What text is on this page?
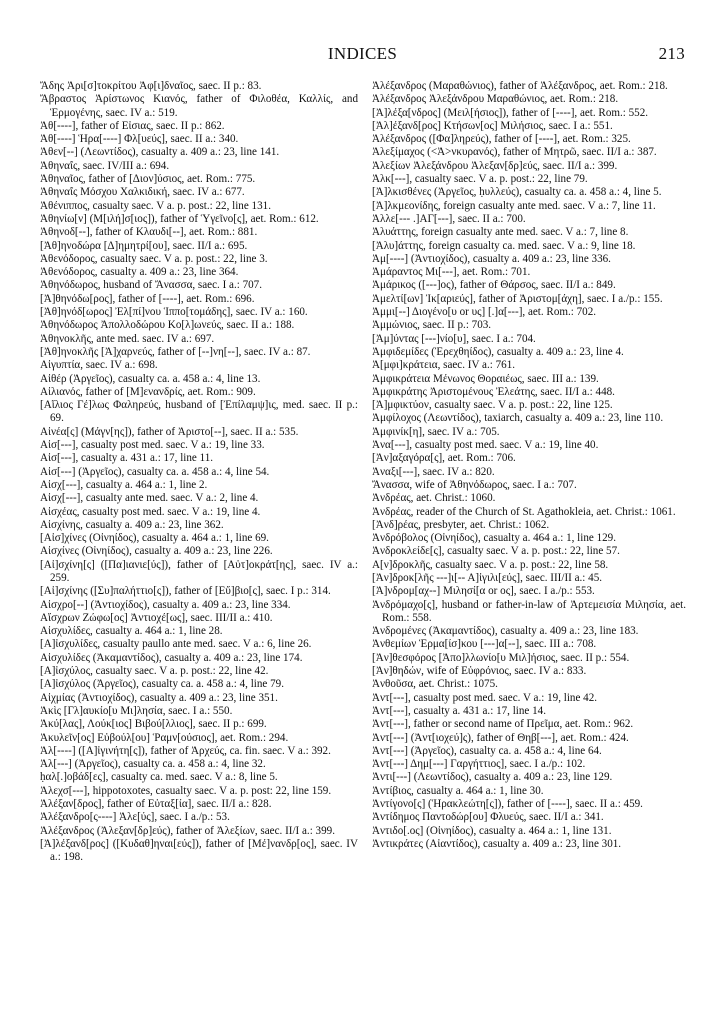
INDICES	213

Ἄδης Ἀρι[σ]τοκρίτου Ἀφ[ι]δναῖος, saec. II p.: 83.

Ἄβραστος Ἀρίστωνος Κιανός, father of Φιλοθέα, Καλλίς, and Ἑρμογένης, saec. IV a.: 519.

Ἀθ[----], father of Εἰσιας, saec. II p.: 862.

Ἀθ[----] Ἡρα[----] Φλ[υεύς], saec. II a.: 340.

Ἀθεν[--] (Λεωντίδος), casualty a. 409 a.: 23, line 141.

Ἀθηναΐς, saec. IV/III a.: 694.

Ἀθηναῖος, father of [Διον]ύσιος, aet. Rom.: 775.

Ἀθηναΐς Μόσχου Χαλκιδική, saec. IV a.: 677.

Ἀθένιππος, casualty saec. V a. p. post.: 22, line 131.

Ἀθηνίω[ν] (Μ[ιλή]σ[ιος]), father of Ὑγεῖνο[ς], aet. Rom.: 612.

Ἀθηνοδ[--], father of Κλαυδι[--], aet. Rom.: 881.

[Ἀθ]ηνοδώρα [Δ]ημητρί[ου], saec. II/I a.: 695.

Ἀθενόδορος, casualty saec. V a. p. post.: 22, line 3.

Ἀθενόδορος, casualty a. 409 a.: 23, line 364.

Ἀθηνόδωρος, husband of Ἄνασσα, saec. I a.: 707.

[Ἀ]θηνόδω[ρος], father of [----], aet. Rom.: 696.

[Ἀθ]ηνόδ[ωρος] Ἐλ[πί]νου Ἱππο[τομάδης], saec. IV a.: 160.

Ἀθηνόδωρος Ἀπολλοδώρου Κο[λ]ωνεύς, saec. II a.: 188.

Ἀθηνοκλῆς, ante med. saec. IV a.: 697.

[Ἀθ]ηνοκλῆς [Ἀ]χαρνεύς, father of [--]νη[--], saec. IV a.: 87.

Αἰγυπτία, saec. IV a.: 698.

Αἰθέρ (Ἀργεῖος), casualty ca. a. 458 a.: 4, line 13.

Αἰλιανός, father of [Μ]ενανδρίς, aet. Rom.: 909.

[Αἴλιος Γέ]λως Φαληρεύς, husband of [Ἐπίλαμψ]ις, med. saec. II p.: 69.

Αἰνέα[ς] (Μάγν[ης]), father of Ἀριστο[--], saec. II a.: 535.

Αἰσ[---], casualty post med. saec. V a.: 19, line 33.

Αἰσ[---], casualty a. 431 a.: 17, line 11.

Αἰσ[---] (Ἀργεῖος), casualty ca. a. 458 a.: 4, line 54.

Αἰσχ[---], casualty a. 464 a.: 1, line 2.

Αἰσχ[---], casualty ante med. saec. V a.: 2, line 4.

Αἰσχέας, casualty post med. saec. V a.: 19, line 4.

Αἰσχίνης, casualty a. 409 a.: 23, line 362.

[Αἰσ]χίνες (Οἰνηίδος), casualty a. 464 a.: 1, line 69.

Αἰσχίνες (Οἰνηίδος), casualty a. 409 a.: 23, line 226.

[Αἰ]σχίνη[ς] ([Πα]ιανιε[ύς]), father of [Αὐτ]οκράτ[ης], saec. IV a.: 259.

[Αἰ]σχίνης ([Συ]παλήττιο[ς]), father of [Εὔ]βιο[ς], saec. I p.: 314.

Αἰσχρο[--] (Ἀντιοχίδος), casualty a. 409 a.: 23, line 334.

Αἴσχρων Ζώφω[ος] Ἀντιοχέ[ως], saec. III/II a.: 410.

Αἰσχυλίδες, casualty a. 464 a.: 1, line 28.

[Α]ἰσχυλίδες, casualty paullo ante med. saec. V a.: 6, line 26.

Αἰσχυλίδες (Ἀκαμαντίδος), casualty a. 409 a.: 23, line 174.

[Α]ἰσχύλος, casualty saec. V a. p. post.: 22, line 42.

[Α]ἰσχύλος (Ἀργεῖος), casualty ca. a. 458 a.: 4, line 79.

Αἰχμίας (Ἀντιοχίδος), casualty a. 409 a.: 23, line 351.

Ἀκὶς [Γλ]αυκίο[υ Μι]λησία, saec. I a.: 550.

Ἀκύ[λας], Λούκ[ιος] Βιβού[λλιος], saec. II p.: 699.

Ἀκυλεῖν[ος] Εὐβούλ[ου] Ῥαμν[ούσιος], aet. Rom.: 294.

Ἀλ[----] ([Α]ἰγινήτη[ς]), father of Ἀρχεύς, ca. fin. saec. V a.: 392.

Ἀλ[---] (Ἀργεῖος), casualty ca. a. 458 a.: 4, line 32.

ḥαλ[.]οβάδ[ες], casualty ca. med. saec. V a.: 8, line 5.

Ἀλεχσ[---], hippotoxotes, casualty saec. V a. p. post: 22, line 159.

Ἀλέξαν[δρος], father of Εὐταξ[ία], saec. II/I a.: 828.

Ἀλέξανδρο[ς----] Ἀλε[ύς], saec. I a./p.: 53.

Ἀλέξανδρος (Ἀλεξαν[δρ]εύς), father of Ἀλεξίων, saec. II/I a.: 399.

[Ἀ]λέξανδ[ρος] ([Κυδαθ]ηναι[εύς]), father of [Μέ]νανδρ[ος], saec. IV a.: 198.

Ἀλέξανδρος (Μαραθώνιος), father of Ἀλέξανδρος, aet. Rom.: 218.

Ἀλέξανδρος Ἀλεξάνδρου Μαραθώνιος, aet. Rom.: 218.

[Ἀ]λέξα[νδρος] (Μειλ[ήσιος]), father of [----], aet. Rom.: 552.

[Ἀλ]έξανδ[ρος] Κτήσων[ος] Μιλήσιος, saec. I a.: 551.

Ἀλέξανδρος ([Φα]ληρεύς), father of [----], aet. Rom.: 325.

Ἀλεξίμαχος (<Ἀ>νκυρανός), father of Μητρῶ, saec. II/I a.: 387.

Ἀλεξίων Ἀλεξάνδρου Ἀλεξαν[δρ]εύς, saec. II/I a.: 399.

Ἀλκ[---], casualty saec. V a. p. post.: 22, line 79.

[Ἀ]λκισθένες (Ἀργεῖος, ḥυλλεύς), casualty ca. a. 458 a.: 4, line 5.

[Ἀ]λκμεονίδης, foreign casualty ante med. saec. V a.: 7, line 11.

Ἀλλε[--- .]ΑΓ[---], saec. II a.: 700.

Ἀλυάττης, foreign casualty ante med. saec. V a.: 7, line 8.

[Ἀλυ]άττης, foreign casualty ca. med. saec. V a.: 9, line 18.

Ἀμ[----] (Ἀντιοχίδος), casualty a. 409 a.: 23, line 336.

Ἀμάραντος Μι[---], aet. Rom.: 701.

Ἀμάρικος ([---]ος), father of Θάρσος, saec. II/I a.: 849.

Ἀμελτί[ων] Ἰκ[αριεύς], father of Ἀριστομ[άχη], saec. I a./p.: 155.

Ἀμμι[--] Διογένο[υ or υς] [.]α[---], aet. Rom.: 702.

Ἀμμώνιος, saec. II p.: 703.

[Ἀμ]ύντας [---]νίο[υ], saec. I a.: 704.

Ἀμφιδεμίδες (Ἐρεχθηίδος), casualty a. 409 a.: 23, line 4.

Ἀ[μφι]κράτεια, saec. IV a.: 761.

Ἀμφικράτεια Μένωνος Θοραιέως, saec. III a.: 139.

Ἀμφικράτης Ἀριστομένους Ἐλεάτης, saec. II/I a.: 448.

[Ἀ]μφικτύον, casualty saec. V a. p. post.: 22, line 125.

Ἀμφίλοχος (Λεωντίδος), taxiarch, casualty a. 409 a.: 23, line 110.

Ἀμφινίκ[η], saec. IV a.: 705.

Ἀνα[---], casualty post med. saec. V a.: 19, line 40.

[Ἀν]αξαγόρα[ς], aet. Rom.: 706.

Ἀναξι[---], saec. IV a.: 820.

Ἄνασσα, wife of Ἀθηνόδωρος, saec. I a.: 707.

Ἀνδρέας, aet. Christ.: 1060.

Ἀνδρέας, reader of the Church of St. Agathokleia, aet. Christ.: 1061.

[Ἀνδ]ρέας, presbyter, aet. Christ.: 1062.

Ἀνδρόβολος (Οἰνηίδος), casualty a. 464 a.: 1, line 129.

Ἀνδροκλείδε[ς], casualty saec. V a. p. post.: 22, line 57.

Α[ν]δροκλῆς, casualty saec. V a. p. post.: 22, line 58.

[Ἀν]δροκ[λῆς ---]ι[-- Α]ἰγιλι[εύς], saec. III/II a.: 45.

[Ἀ]νδρομ[αχ--] Μιλησί[α or ος], saec. I a./p.: 553.

Ἀνδρόμαχο[ς], husband or father-in-law of Ἀρτεμεισία Μιλησία, aet. Rom.: 558.

Ἀνδρομένες (Ἀκαμαντίδος), casualty a. 409 a.: 23, line 183.

Ἀνθεμίων Ἑρμα[ίσ]κου [---]α[--], saec. III a.: 708.

[Ἀν]θεσφόρος [Ἀπο]λλωνίο[υ Μιλ]ήσιος, saec. II p.: 554.

[Ἀν]θηδών, wife of Εὐφρόνιος, saec. IV a.: 833.

Ἀνθοῦσα, aet. Christ.: 1075.

Ἀντ[---], casualty post med. saec. V a.: 19, line 42.

Ἀντ[---], casualty a. 431 a.: 17, line 14.

Ἀντ[---], father or second name of Πρεῖμα, aet. Rom.: 962.

Ἀντ[---] (Ἀντ[ιοχεύ]ς), father of Θηβ[---], aet. Rom.: 424.

Ἀντ[---] (Ἀργεῖος), casualty ca. a. 458 a.: 4, line 64.

Ἀντ[---] Δημ[---] Γαργήττιος], saec. I a./p.: 102.

Ἀντι[---] (Λεωντίδος), casualty a. 409 a.: 23, line 129.

Ἀντίβιος, casualty a. 464 a.: 1, line 30.

Ἀντίγονο[ς] (Ἡρακλεώτη[ς]), father of [----], saec. II a.: 459.

Ἀντίδημος Παντοδώρ[ου] Φλυεύς, saec. II/I a.: 341.

Ἀντιδο[.ος] (Οἰνηίδος), casualty a. 464 a.: 1, line 131.

Ἀντικράτες (Αἰαντίδος), casualty a. 409 a.: 23, line 301.
